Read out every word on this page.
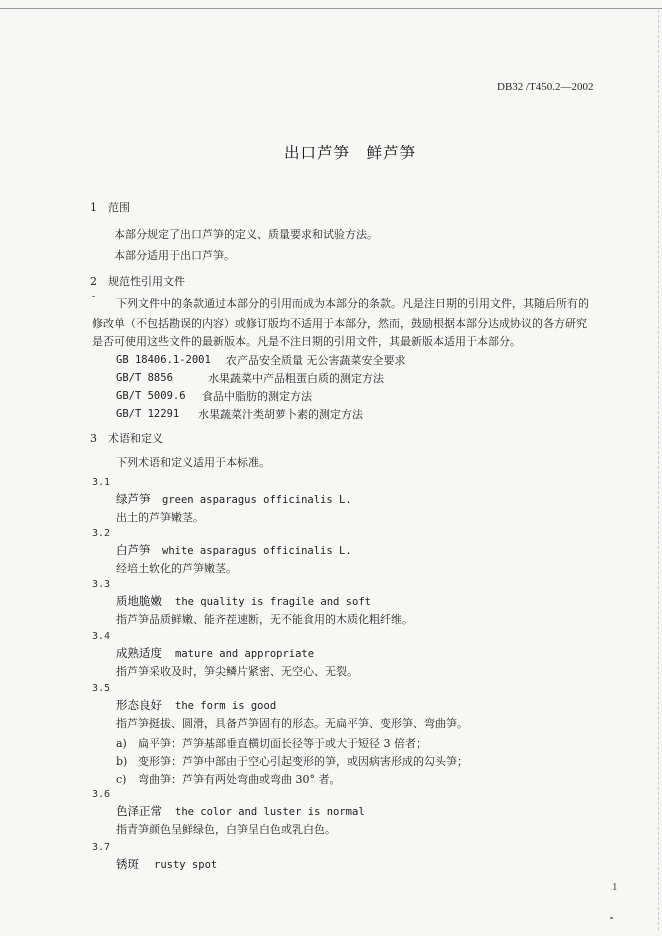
DB32 /T450.2—2002
出口芦笋　鲜芦笋
1　范围
本部分规定了出口芦笋的定义、质量要求和试验方法。
本部分适用于出口芦笋。
2　规范性引用文件
下列文件中的条款通过本部分的引用而成为本部分的条款。凡是注日期的引用文件，其随后所有的
修改单（不包括勘误的内容）或修订版均不适用于本部分，然而，鼓励根据本部分达成协议的各方研究
是否可使用这些文件的最新版本。凡是不注日期的引用文件，其最新版本适用于本部分。
GB 18406.1-2001 农产品安全质量 无公害蔬菜安全要求
GB/T 8856	水果蔬菜中产品粗蛋白质的测定方法
GB/T 5009.6 食品中脂肪的测定方法
GB/T 12291 水果蔬菜汁类胡萝卜素的测定方法
3　术语和定义
下列术语和定义适用于本标准。
3.1
绿芦笋 green asparagus officinalis L.
出土的芦笋嫩茎。
3.2
白芦笋 white asparagus officinalis L.
经培土软化的芦笋嫩茎。
3.3
质地脆嫩 the quality is fragile and soft
指芦笋品质鲜嫩、能齐茬速断，无不能食用的木质化粗纤维。
3.4
成熟适度 mature and appropriate
指芦笋采收及时，笋尖鳞片紧密、无空心、无裂。
3.5
形态良好 the form is good
指芦笋挺拔、圆滑，具备芦笋固有的形态。无扁平笋、变形笋、弯曲笋。
a) 扁平笋：芦笋基部垂直横切面长径等于或大于短径 3 倍者；
b) 变形笋：芦笋中部由于空心引起变形的笋，或因病害形成的勾头笋；
c) 弯曲笋：芦笋有两处弯曲或弯曲 30° 者。
3.6
色泽正常 the color and luster is normal
指青笋颜色呈鲜绿色，白笋呈白色或乳白色。
3.7
锈斑 rusty spot
1
